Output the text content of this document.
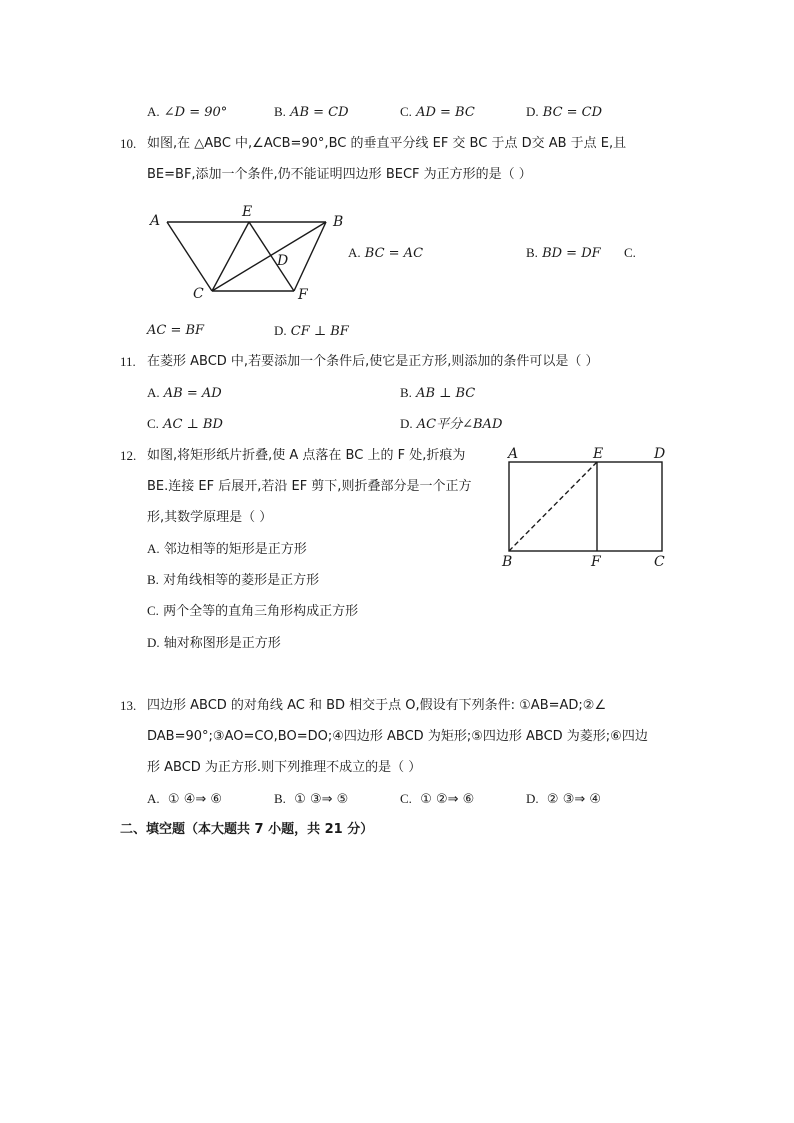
A. ∠D = 90°	B. AB = CD	C. AD = BC	D. BC = CD
10. 如图,在 △ABC 中,∠ACB=90°,BC 的垂直平分线 EF 交 BC 于点 D交 AB 于点 E,且
BE=BF,添加一个条件,仍不能证明四边形 BECF 为正方形的是（ ）
A
E
B
D
C	F
A. BC = AC	B. BD = DF C.
AC = BF	D. CF ⊥ BF
11. 在菱形 ABCD 中,若要添加一个条件后,使它是正方形,则添加的条件可以是（ ）
A. AB = AD	B. AB ⊥ BC
C. AC ⊥ BD	D. AC平分∠BAD
12. 如图,将矩形纸片折叠,使 A 点落在 BC 上的 F 处,折痕为
BE.连接 EF 后展开,若沿 EF 剪下,则折叠部分是一个正方
形,其数学原理是（ ）
A. 邻边相等的矩形是正方形
B. 对角线相等的菱形是正方形
C. 两个全等的直角三角形构成正方形
D. 轴对称图形是正方形
A	E	D
B	F	C
13. 四边形 ABCD 的对角线 AC 和 BD 相交于点 O,假设有下列条件: ①AB=AD;②∠
DAB=90°;③AO=CO,BO=DO;④四边形 ABCD 为矩形;⑤四边形 ABCD 为菱形;⑥四边
形 ABCD 为正方形.则下列推理不成立的是（ ）
A. ① ④⇒ ⑥	B. ① ③⇒ ⑤	C. ① ②⇒ ⑥	D. ② ③⇒ ④
二、填空题（本大题共 7 小题，共 21 分）
